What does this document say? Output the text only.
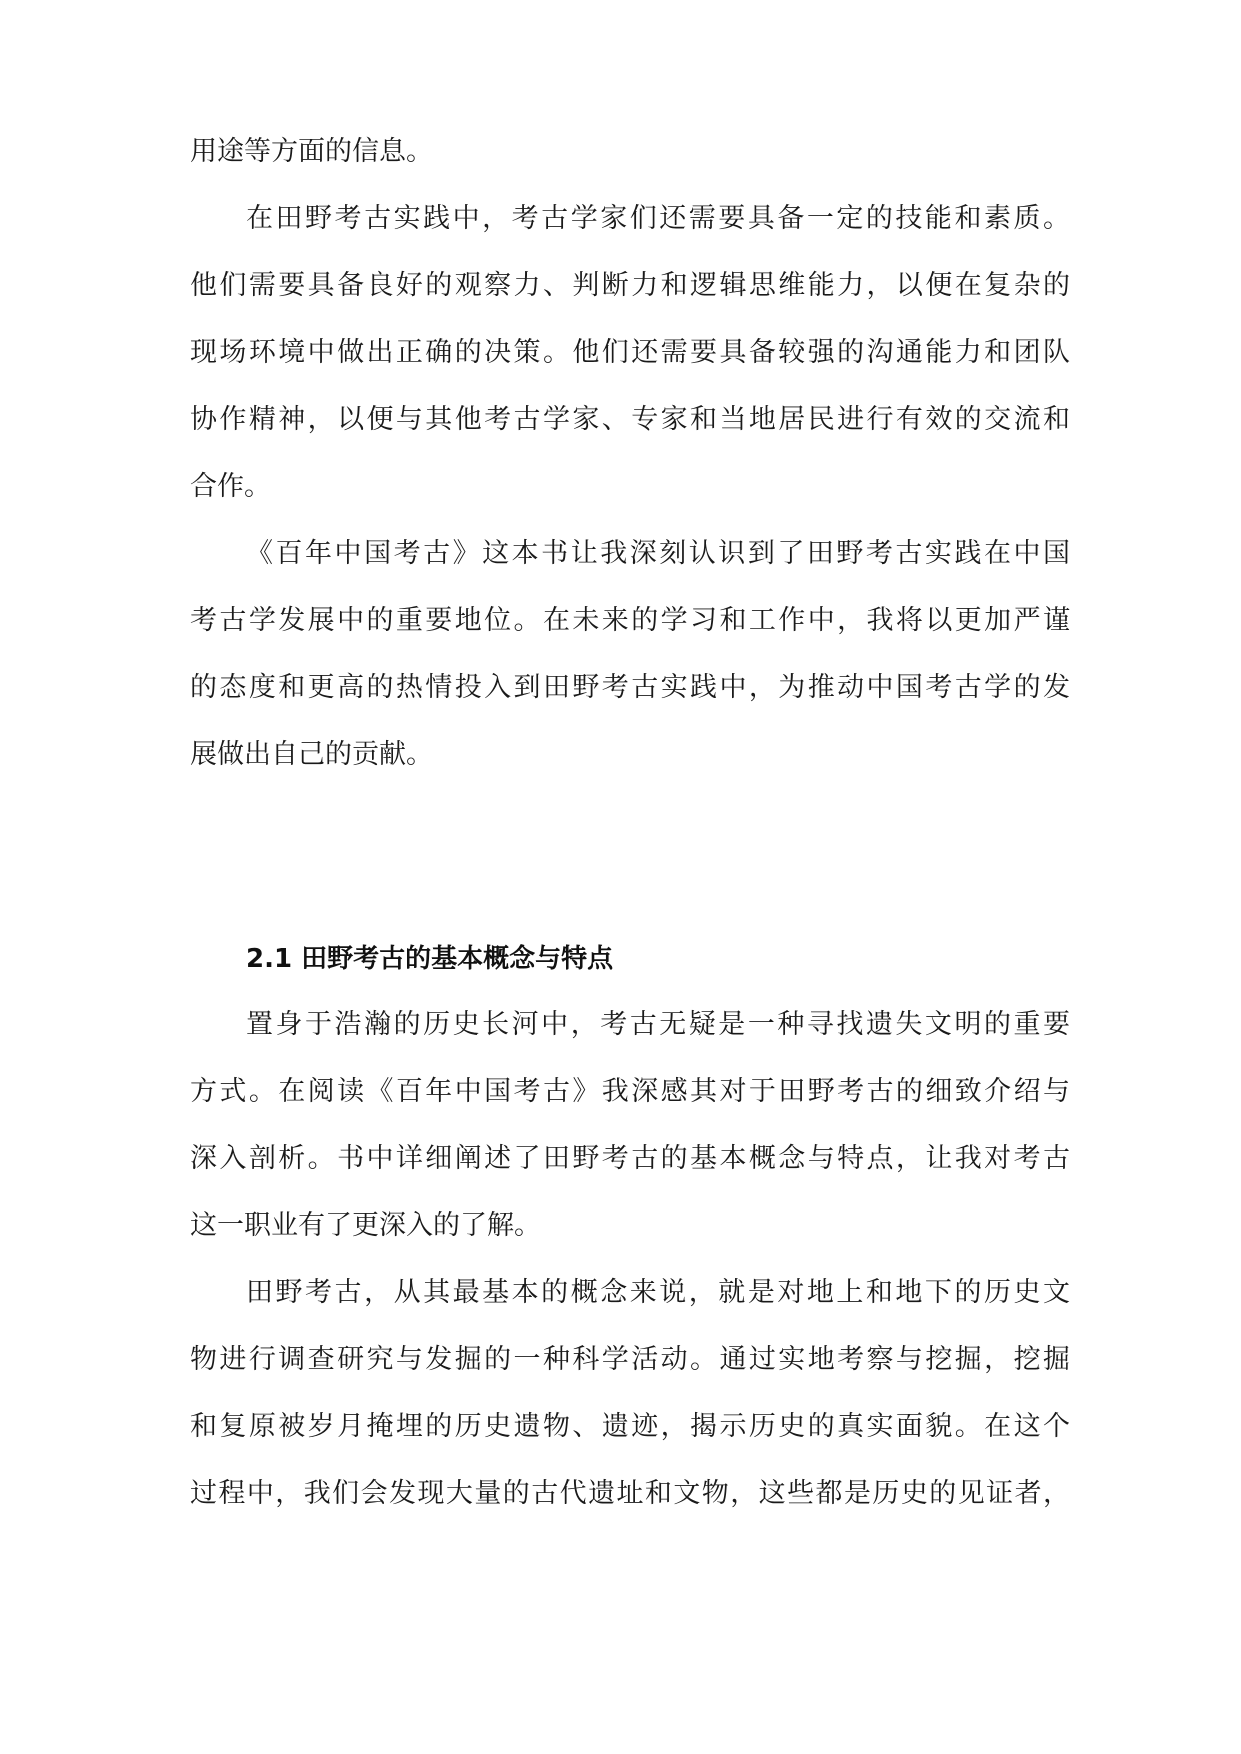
用途等方面的信息。
在田野考古实践中，考古学家们还需要具备一定的技能和素质。
他们需要具备良好的观察力、判断力和逻辑思维能力，以便在复杂的
现场环境中做出正确的决策。他们还需要具备较强的沟通能力和团队
协作精神，以便与其他考古学家、专家和当地居民进行有效的交流和
合作。
《百年中国考古》这本书让我深刻认识到了田野考古实践在中国
考古学发展中的重要地位。在未来的学习和工作中，我将以更加严谨
的态度和更高的热情投入到田野考古实践中，为推动中国考古学的发
展做出自己的贡献。
2.1 田野考古的基本概念与特点
置身于浩瀚的历史长河中，考古无疑是一种寻找遗失文明的重要
方式。在阅读《百年中国考古》我深感其对于田野考古的细致介绍与
深入剖析。书中详细阐述了田野考古的基本概念与特点，让我对考古
这一职业有了更深入的了解。
田野考古，从其最基本的概念来说，就是对地上和地下的历史文
物进行调查研究与发掘的一种科学活动。通过实地考察与挖掘，挖掘
和复原被岁月掩埋的历史遗物、遗迹，揭示历史的真实面貌。在这个
过程中，我们会发现大量的古代遗址和文物，这些都是历史的见证者，
